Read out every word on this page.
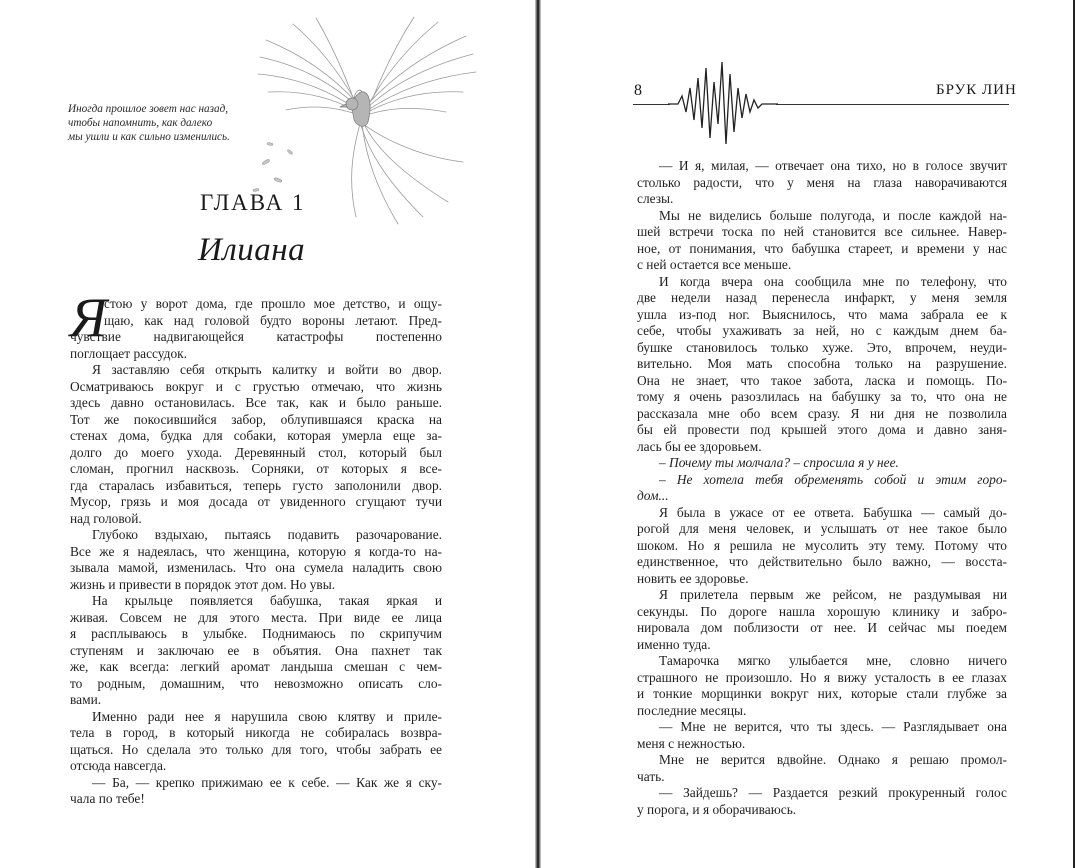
Иногда прошлое зовет нас назад,
чтобы напомнить, как далеко
мы ушли и как сильно изменились.
ГЛАВА 1
Илиана
Я
стою у ворот дома, где прошло мое детство, и ощу-
щаю, как над головой будто вороны летают. Пред-
чувствие надвигающейся катастрофы постепенно
поглощает рассудок.
Я заставляю себя открыть калитку и войти во двор.
Осматриваюсь вокруг и с грустью отмечаю, что жизнь
здесь давно остановилась. Все так, как и было раньше.
Тот же покосившийся забор, облупившаяся краска на
стенах дома, будка для собаки, которая умерла еще за-
долго до моего ухода. Деревянный стол, который был
сломан, прогнил насквозь. Сорняки, от которых я все-
гда старалась избавиться, теперь густо заполонили двор.
Мусор, грязь и моя досада от увиденного сгущают тучи
над головой.
Глубоко вздыхаю, пытаясь подавить разочарование.
Все же я надеялась, что женщина, которую я когда-то на-
зывала мамой, изменилась. Что она сумела наладить свою
жизнь и привести в порядок этот дом. Но увы.
На крыльце появляется бабушка, такая яркая и
живая. Совсем не для этого места. При виде ее лица
я расплываюсь в улыбке. Поднимаюсь по скрипучим
ступеням и заключаю ее в объятия. Она пахнет так
же, как всегда: легкий аромат ландыша смешан с чем-
то родным, домашним, что невозможно описать сло-
вами.
Именно ради нее я нарушила свою клятву и приле-
тела в город, в который никогда не собиралась возвра-
щаться. Но сделала это только для того, чтобы забрать ее
отсюда навсегда.
— Ба, — крепко прижимаю ее к себе. — Как же я ску-
чала по тебе!
8	БРУК ЛИН
— И я, милая, — отвечает она тихо, но в голосе звучит
столько радости, что у меня на глаза наворачиваются
слезы.
Мы не виделись больше полугода, и после каждой на-
шей встречи тоска по ней становится все сильнее. Навер-
ное, от понимания, что бабушка стареет, и времени у нас
с ней остается все меньше.
И когда вчера она сообщила мне по телефону, что
две недели назад перенесла инфаркт, у меня земля
ушла из-под ног. Выяснилось, что мама забрала ее к
себе, чтобы ухаживать за ней, но с каждым днем ба-
бушке становилось только хуже. Это, впрочем, неуди-
вительно. Моя мать способна только на разрушение.
Она не знает, что такое забота, ласка и помощь. По-
тому я очень разозлилась на бабушку за то, что она не
рассказала мне обо всем сразу. Я ни дня не позволила
бы ей провести под крышей этого дома и давно заня-
лась бы ее здоровьем.
– Почему ты молчала? – спросила я у нее.
– Не хотела тебя обременять собой и этим горо-
дом...
Я была в ужасе от ее ответа. Бабушка — самый до-
рогой для меня человек, и услышать от нее такое было
шоком. Но я решила не мусолить эту тему. Потому что
единственное, что действительно было важно, — восста-
новить ее здоровье.
Я прилетела первым же рейсом, не раздумывая ни
секунды. По дороге нашла хорошую клинику и забро-
нировала дом поблизости от нее. И сейчас мы поедем
именно туда.
Тамарочка мягко улыбается мне, словно ничего
страшного не произошло. Но я вижу усталость в ее глазах
и тонкие морщинки вокруг них, которые стали глубже за
последние месяцы.
— Мне не верится, что ты здесь. — Разглядывает она
меня с нежностью.
Мне не верится вдвойне. Однако я решаю промол-
чать.
— Зайдешь? — Раздается резкий прокуренный голос
у порога, и я оборачиваюсь.
